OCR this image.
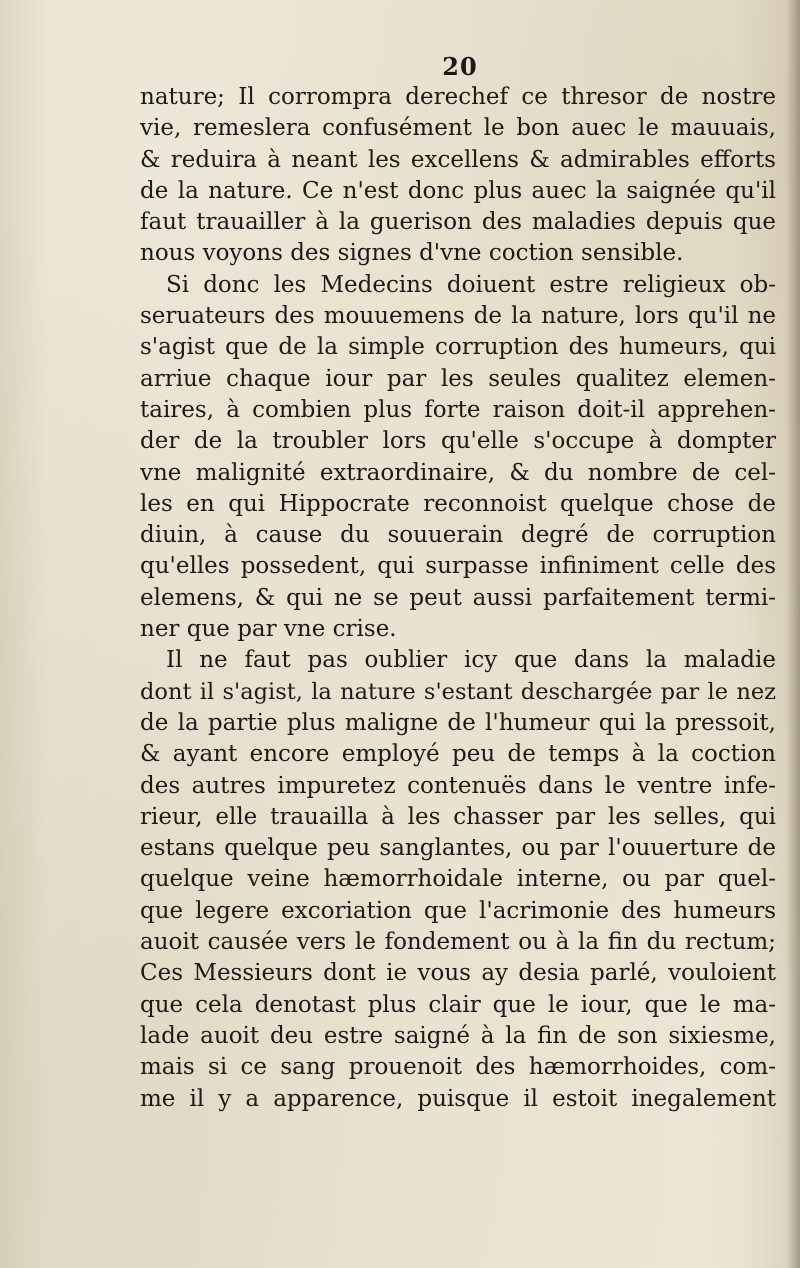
20
nature; Il corrompra derechef ce thresor de nostre
vie, remeslera confusément le bon auec le mauuais,
& reduira à neant les excellens & admirables efforts
de la nature. Ce n'est donc plus auec la saignée qu'il
faut trauailler à la guerison des maladies depuis que
nous voyons des signes d'vne coction sensible.
Si donc les Medecins doiuent estre religieux ob-
seruateurs des mouuemens de la nature, lors qu'il ne
s'agist que de la simple corruption des humeurs, qui
arriue chaque iour par les seules qualitez elemen-
taires, à combien plus forte raison doit-il apprehen-
der de la troubler lors qu'elle s'occupe à dompter
vne malignité extraordinaire, & du nombre de cel-
les en qui Hippocrate reconnoist quelque chose de
diuin, à cause du souuerain degré de corruption
qu'elles possedent, qui surpasse infiniment celle des
elemens, & qui ne se peut aussi parfaitement termi-
ner que par vne crise.
Il ne faut pas oublier icy que dans la maladie
dont il s'agist, la nature s'estant deschargée par le nez
de la partie plus maligne de l'humeur qui la pressoit,
& ayant encore employé peu de temps à la coction
des autres impuretez contenuës dans le ventre infe-
rieur, elle trauailla à les chasser par les selles, qui
estans quelque peu sanglantes, ou par l'ouuerture de
quelque veine hæmorrhoidale interne, ou par quel-
que legere excoriation que l'acrimonie des humeurs
auoit causée vers le fondement ou à la fin du rectum;
Ces Messieurs dont ie vous ay desia parlé, vouloient
que cela denotast plus clair que le iour, que le ma-
lade auoit deu estre saigné à la fin de son sixiesme,
mais si ce sang prouenoit des hæmorrhoides, com-
me il y a apparence, puisque il estoit inegalement
